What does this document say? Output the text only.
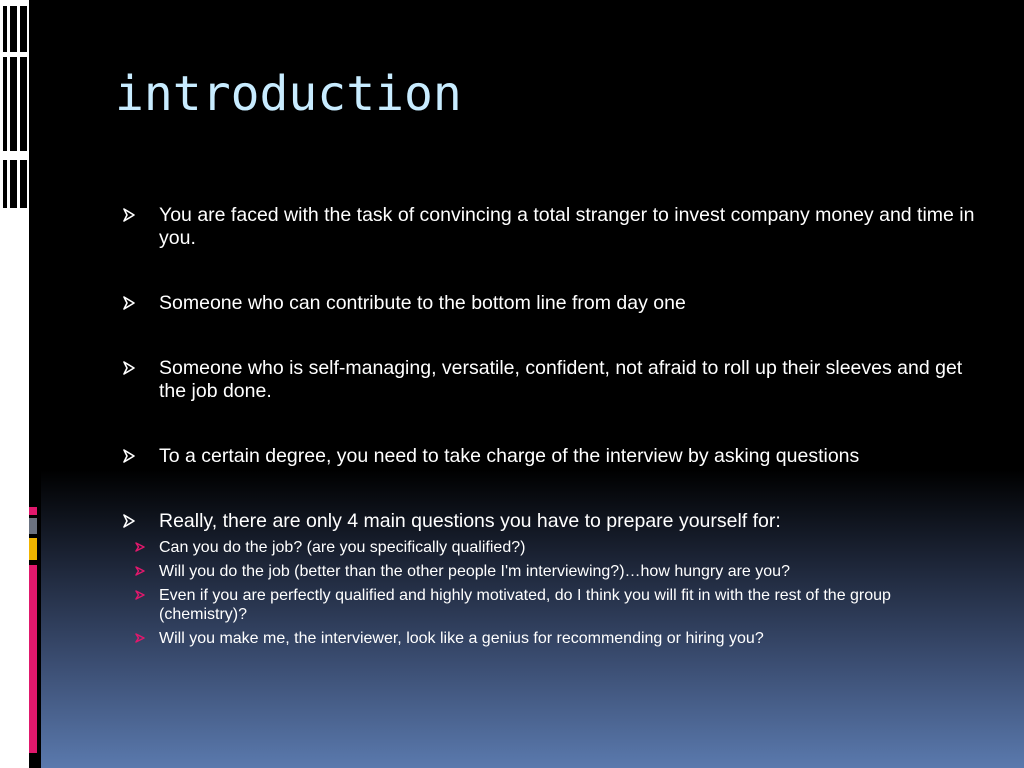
introduction
You are faced with the task of convincing a total stranger to invest company money and time in you.
Someone who can contribute to the bottom line from day one
Someone who is self-managing, versatile, confident, not afraid to roll up their sleeves and get the job done.
To a certain degree, you need to take charge of the interview by asking questions
Really, there are only 4 main questions you have to prepare yourself for:
Can you do the job? (are you specifically qualified?)
Will you do the job (better than the other people I'm interviewing?)…how hungry are you?
Even if you are perfectly qualified and highly motivated, do I think you will fit in with the rest of the group (chemistry)?
Will you make me, the interviewer, look like a genius for recommending or hiring you?
